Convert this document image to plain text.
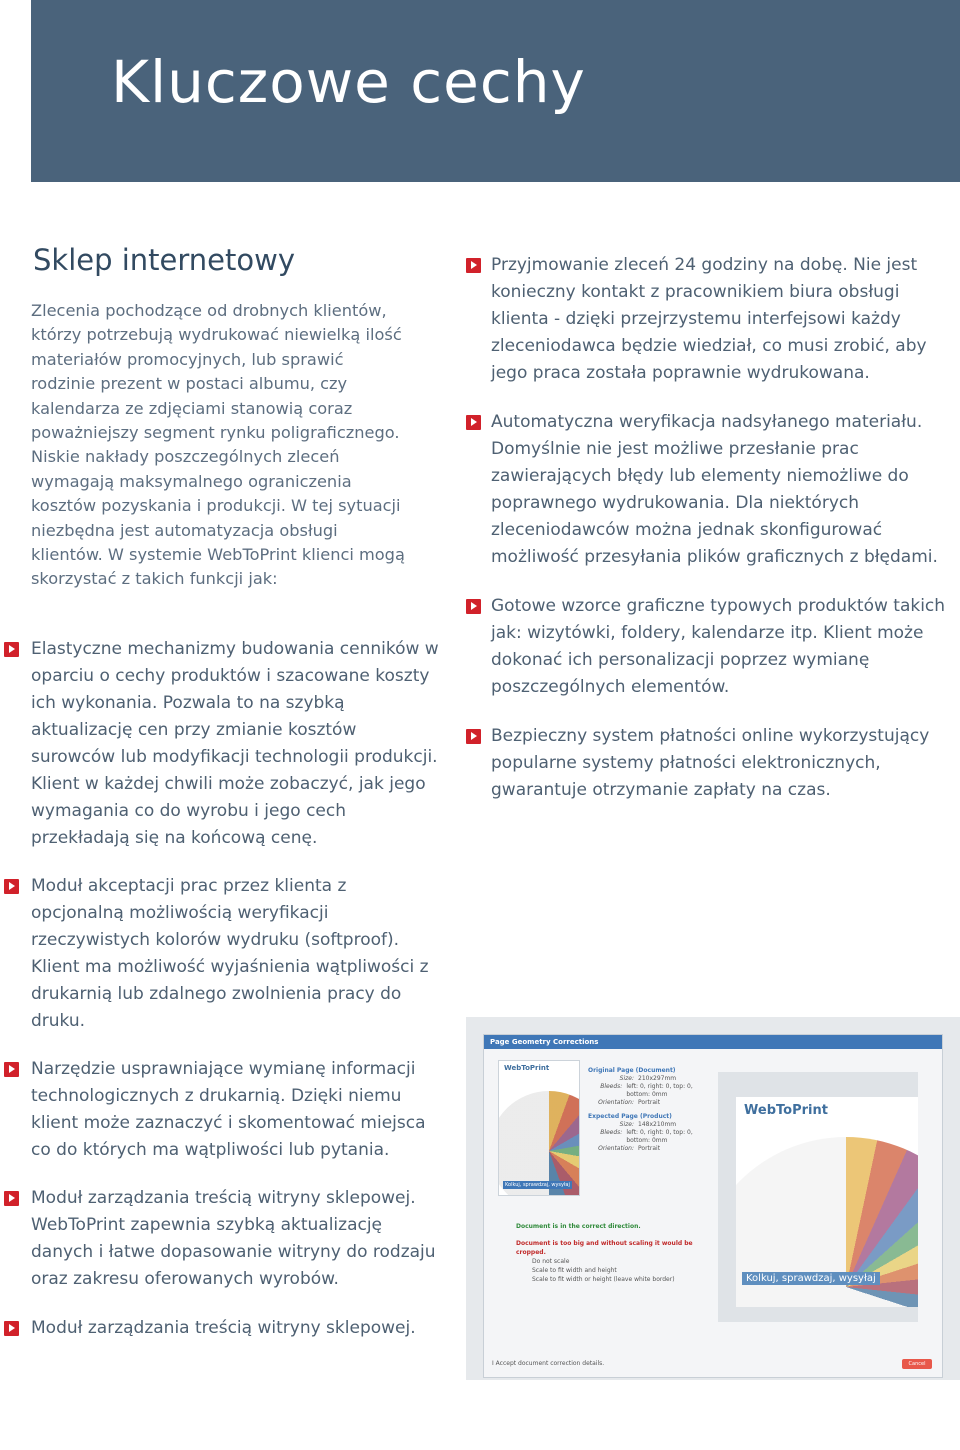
Kluczowe cechy
Sklep internetowy

Zlecenia pochodzące od drobnych klientów, którzy potrzebują wydrukować niewielką ilość materiałów promocyjnych, lub sprawić rodzinie prezent w postaci albumu, czy kalendarza ze zdjęciami stanowią coraz poważniejszy segment rynku poligraficznego. Niskie nakłady poszczególnych zleceń wymagają maksymalnego ograniczenia kosztów pozyskania i produkcji. W tej sytuacji niezbędna jest automatyzacja obsługi klientów. W systemie WebToPrint klienci mogą skorzystać z takich funkcji jak:

Elastyczne mechanizmy budowania cenników w oparciu o cechy produktów i szacowane koszty ich wykonania. Pozwala to na szybką aktualizację cen przy zmianie kosztów surowców lub modyfikacji technologii produkcji. Klient w każdej chwili może zobaczyć, jak jego wymagania co do wyrobu i jego cech przekładają się na końcową cenę.

Moduł akceptacji prac przez klienta z opcjonalną możliwością weryfikacji rzeczywistych kolorów wydruku (softproof). Klient ma możliwość wyjaśnienia wątpliwości z drukarnią lub zdalnego zwolnienia pracy do druku.

Narzędzie usprawniające wymianę informacji technologicznych z drukarnią. Dzięki niemu klient może zaznaczyć i skomentować miejsca co do których ma wątpliwości lub pytania.

Moduł zarządzania treścią witryny sklepowej. WebToPrint zapewnia szybką aktualizację danych i łatwe dopasowanie witryny do rodzaju oraz zakresu oferowanych wyrobów.

Moduł zarządzania treścią witryny sklepowej.

Przyjmowanie zleceń 24 godziny na dobę. Nie jest konieczny kontakt z pracownikiem biura obsługi klienta - dzięki przejrzystemu interfejsowi każdy zleceniodawca będzie wiedział, co musi zrobić, aby jego praca została poprawnie wydrukowana.

Automatyczna weryfikacja nadsyłanego materiału. Domyślnie nie jest możliwe przesłanie prac zawierających błędy lub elementy niemożliwe do poprawnego wydrukowania. Dla niektórych zleceniodawców można jednak skonfigurować możliwość przesyłania plików graficznych z błędami.

Gotowe wzorce graficzne typowych produktów takich jak: wizytówki, foldery, kalendarze itp. Klient może dokonać ich personalizacji poprzez wymianę poszczególnych elementów.

Bezpieczny system płatności online wykorzystujący popularne systemy płatności elektronicznych, gwarantuje otrzymanie zapłaty na czas.

Page Geometry Corrections
WebToPrint
Kolkuj, sprawdzaj, wysyłaj
Original Page (Document)
Size: 210x297mm
Bleeds: left: 0, right: 0, top: 0, bottom: 0mm
Orientation: Portrait
Expected Page (Product)
Size: 148x210mm
Bleeds: left: 0, right: 0, top: 0, bottom: 0mm
Orientation: Portrait
Document is in the correct direction.
Document is too big and without scaling it would be cropped.
Do not scale
Scale to fit width and height
Scale to fit width or height (leave white border)
WebToPrint
Kolkuj, sprawdzaj, wysyłaj
I Accept document correction details.	Cancel
